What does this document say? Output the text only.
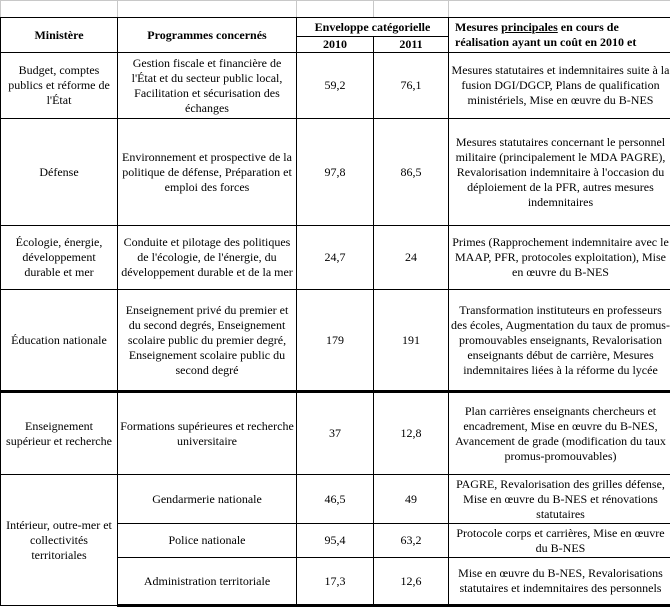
Ministère	Programmes concernés	Enveloppe catégorielle		Mesures principales en cours de
réalisation ayant un coût en 2010 et
		2010	2011	
Budget, comptes publics et réforme de l'État	Gestion fiscale et financière de l'État et du secteur public local, Facilitation et sécurisation des échanges	59,2	76,1	Mesures statutaires et indemnitaires suite à la fusion DGI/DGCP, Plans de qualification ministériels, Mise en œuvre du B-NES
Défense	Environnement et prospective de la politique de défense, Préparation et emploi des forces	97,8	86,5	Mesures statutaires concernant le personnel militaire (principalement le MDA PAGRE), Revalorisation indemnitaire à l'occasion du déploiement de la PFR, autres mesures indemnitaires
Écologie, énergie, développement durable et mer	Conduite et pilotage des politiques de l'écologie, de l'énergie, du développement durable et de la mer	24,7	24	Primes (Rapprochement indemnitaire avec le MAAP, PFR, protocoles exploitation), Mise en œuvre du B-NES
Éducation nationale	Enseignement privé du premier et du second degrés, Enseignement scolaire public du premier degré, Enseignement scolaire public du second degré	179	191	Transformation instituteurs en professeurs des écoles, Augmentation du taux de promus-promouvables enseignants, Revalorisation enseignants début de carrière, Mesures indemnitaires liées à la réforme du lycée
Enseignement supérieur et recherche	Formations supérieures et recherche universitaire	37	12,8	Plan carrières enseignants chercheurs et encadrement, Mise en œuvre du B-NES, Avancement de grade (modification du taux promus-promouvables)
Intérieur, outre-mer et collectivités territoriales	Gendarmerie nationale	46,5	49	PAGRE, Revalorisation des grilles défense, Mise en œuvre du B-NES et rénovations statutaires
	Police nationale	95,4	63,2	Protocole corps et carrières, Mise en œuvre du B-NES
	Administration territoriale	17,3	12,6	Mise en œuvre du B-NES, Revalorisations statutaires et indemnitaires des personnels
